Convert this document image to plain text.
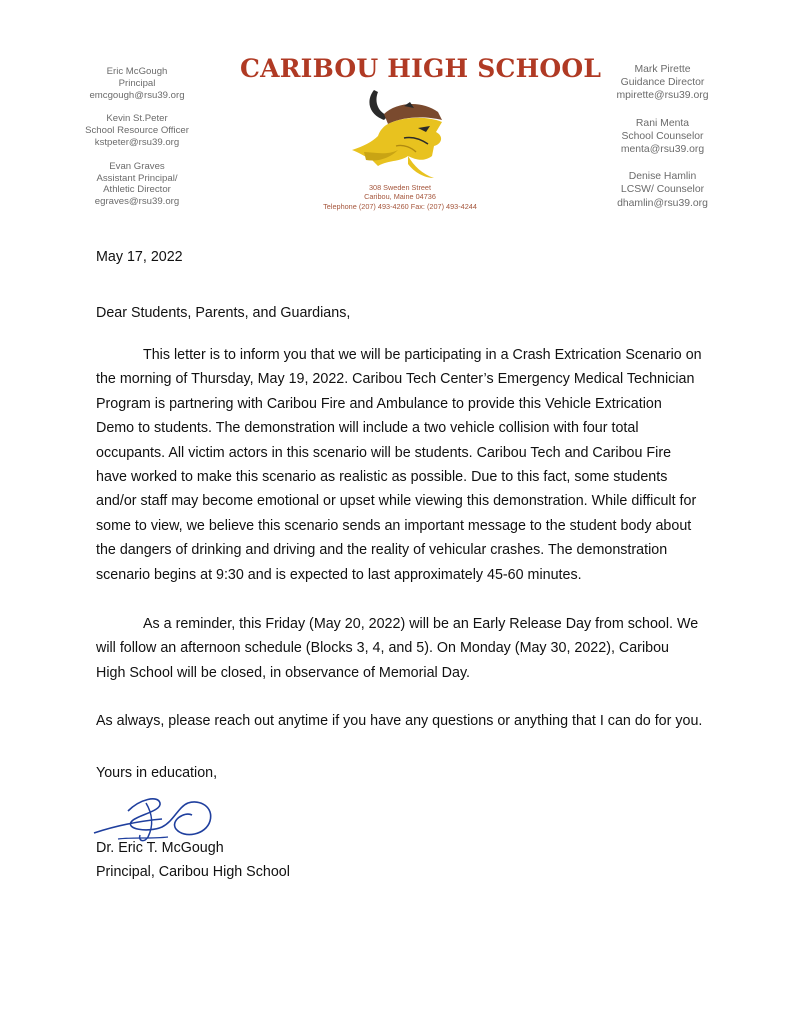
Eric McGough
Principal
emcgough@rsu39.org
Kevin St.Peter
School Resource Officer
kstpeter@rsu39.org
Evan Graves
Assistant Principal/
Athletic Director
egraves@rsu39.org
CARIBOU HIGH SCHOOL
308 Sweden Street
Caribou, Maine 04736
Telephone (207) 493-4260 Fax: (207) 493-4244
Mark Pirette
Guidance Director
mpirette@rsu39.org
Rani Menta
School Counselor
menta@rsu39.org
Denise Hamlin
LCSW/ Counselor
dhamlin@rsu39.org
May 17, 2022
Dear Students, Parents, and Guardians,
This letter is to inform you that we will be participating in a Crash Extrication Scenario on
the morning of Thursday, May 19, 2022. Caribou Tech Center’s Emergency Medical Technician
Program is partnering with Caribou Fire and Ambulance to provide this Vehicle Extrication
Demo to students. The demonstration will include a two vehicle collision with four total
occupants. All victim actors in this scenario will be students. Caribou Tech and Caribou Fire
have worked to make this scenario as realistic as possible. Due to this fact, some students
and/or staff may become emotional or upset while viewing this demonstration. While difficult for
some to view, we believe this scenario sends an important message to the student body about
the dangers of drinking and driving and the reality of vehicular crashes. The demonstration
scenario begins at 9:30 and is expected to last approximately 45-60 minutes.
As a reminder, this Friday (May 20, 2022) will be an Early Release Day from school. We
will follow an afternoon schedule (Blocks 3, 4, and 5). On Monday (May 30, 2022), Caribou
High School will be closed, in observance of Memorial Day.
As always, please reach out anytime if you have any questions or anything that I can do for you.
Yours in education,
Dr. Eric T. McGough
Principal, Caribou High School
